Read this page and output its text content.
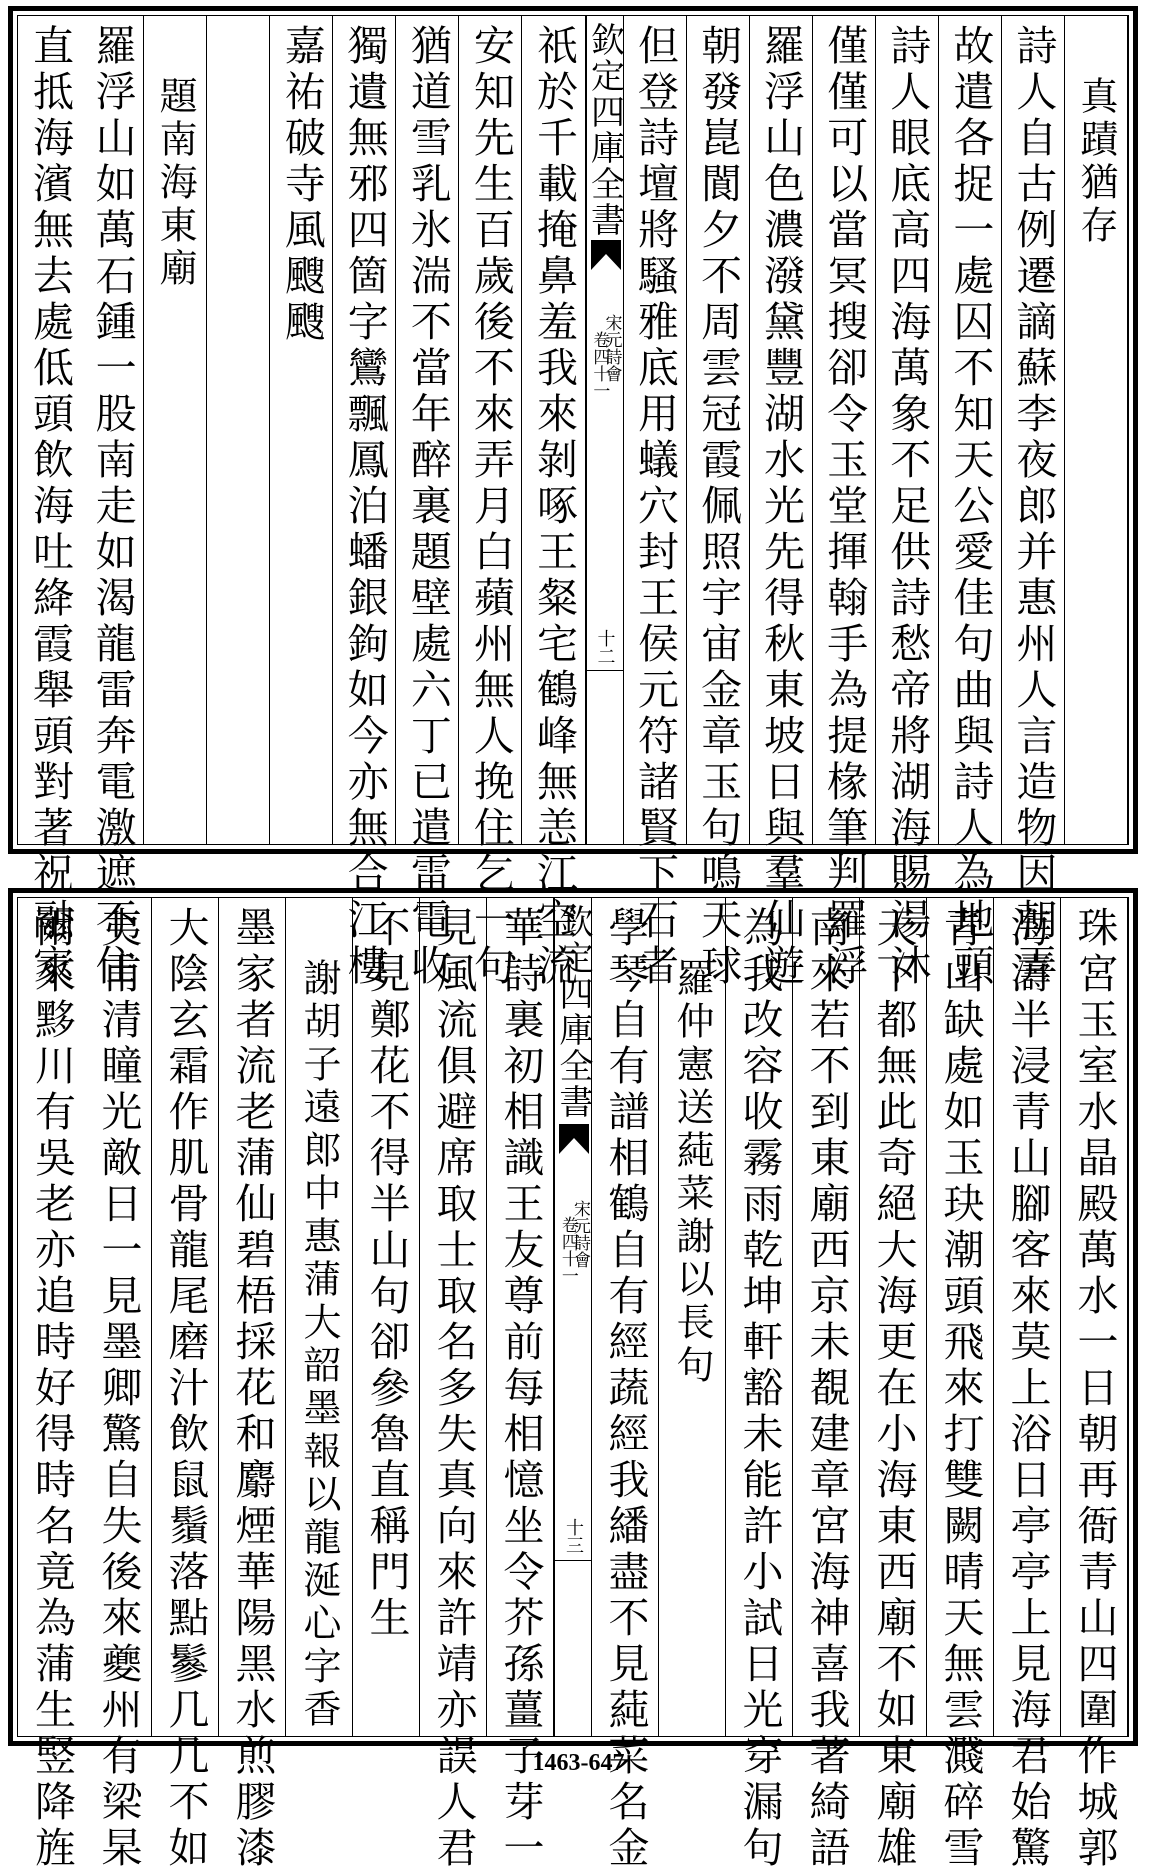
真蹟猶存
詩人自古例遷謫蘇李夜郎并惠州人言造物因朝弄
故遣各捉一處囚不知天公愛佳句曲與詩人為地頭
詩人眼底高四海萬象不足供詩愁帝將湖海賜湯沐
僅僅可以當冥搜卻令玉堂揮翰手為提椽筆判羅浮
羅浮山色濃潑黛豐湖水光先得秋東坡日與羣仙遊
朝發崑閬夕不周雲冠霞佩照宇宙金章玉句鳴天球
但登詩壇將騷雅底用蟻穴封王侯元符諸賢下石者
欽定四庫全書
宋元詩會
卷四十一
十二
祇於千載掩鼻羞我來剝啄王粲宅鶴峰無恙江空流
安知先生百歲後不來弄月白蘋州無人挽住乞一句
猶道雪乳氷湍不當年醉裏題壁處六丁已遣雷電收
獨遺無邪四箇字鸞飄鳳泊蟠銀鉤如今亦無合江樓
嘉祐破寺風颼颼
題南海東廟
羅浮山如萬石鍾一股南走如渴龍雷奔電激遮不住
直抵海濱無去處低頭飲海吐絳霞舉頭對著祝融家
珠宮玉室水晶殿萬水一日朝再衙青山四圍作城郭
海濤半浸青山腳客來莫上浴日亭亭上見海君始驚
青山缺處如玉玦潮頭飛來打雙闕晴天無雲濺碎雪
天下都無此奇絕大海更在小海東西廟不如東廟雄
南來若不到東廟西京未覩建章宮海神喜我著綺語
為我改容收霧雨乾坤軒豁未能許小試日光穿漏句
羅仲憲送蒓菜謝以長句
學琴自有譜相鶴自有經蔬經我繙盡不見蒓菜名金
欽定四庫全書
宋元詩會
卷四十一
十三
華詩裏初相識王友尊前每相憶坐令芥孫薑子芽一
見風流俱避席取士取名多失真向來許靖亦誤人君
不見鄭花不得半山句卻參魯直稱門生
謝胡子遠郎中惠蒲大韶墨報以龍涎心字香
墨家者流老蒲仙碧梧採花和麝煙華陽黑水煎膠漆
大陰玄霜作肌骨龍尾磨汁飲鼠鬚落點鬖几几不如
夷甫清瞳光敵日一見墨卿驚自失後來夔州有梁杲
爾來黟川有吳老亦追時好得時名竟為蒲生竪降旌	1463-647
